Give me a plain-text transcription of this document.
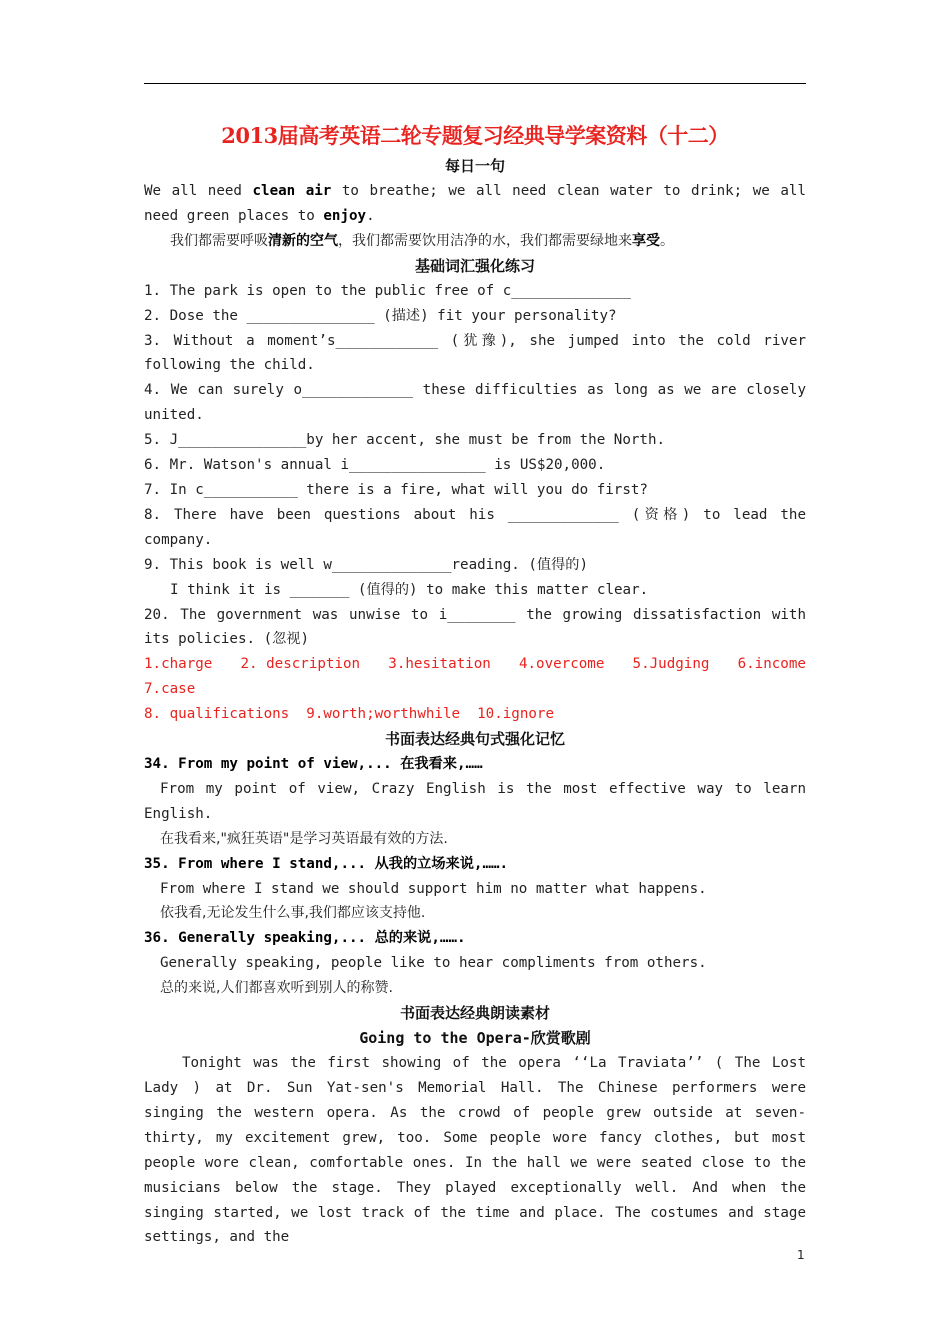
2013届高考英语二轮专题复习经典导学案资料（十二）
每日一句
We all need clean air to breathe; we all need clean water to drink; we all need green places to enjoy.
我们都需要呼吸清新的空气，我们都需要饮用洁净的水，我们都需要绿地来享受。
基础词汇强化练习
1. The park is open to the public free of c______________
2. Dose the _______________ (描述) fit your personality?
3. Without a moment’s____________ (犹豫), she jumped into the cold river following the child.
4. We can surely o_____________ these difficulties as long as we are closely united.
5. J_______________by her accent, she must be from the North.
6. Mr. Watson's annual i________________ is US$20,000.
7. In c___________ there is a fire, what will you do first?
8. There have been questions about his _____________ (资格) to lead the company.
9. This book is well w______________reading. (值得的)
I think it is _______ (值得的) to make this matter clear.
20. The government was unwise to i________ the growing dissatisfaction with its policies. (忽视)
1.charge 2. description 3.hesitation 4.overcome 5.Judging 6.income
7.case
8. qualifications  9.worth;worthwhile  10.ignore
书面表达经典句式强化记忆
34. From my point of view,... 在我看来,……
From my point of view, Crazy English is the most effective way to learn English.
在我看来,"疯狂英语"是学习英语最有效的方法.
35. From where I stand,... 从我的立场来说,…….
From where I stand we should support him no matter what happens.
依我看,无论发生什么事,我们都应该支持他.
36. Generally speaking,... 总的来说,…….
Generally speaking, people like to hear compliments from others.
总的来说,人们都喜欢听到别人的称赞.
书面表达经典朗读素材
Going to the Opera-欣赏歌剧
Tonight was the first showing of the opera ‘‘La Traviata’’ ( The Lost Lady ) at Dr. Sun Yat-sen's Memorial Hall. The Chinese performers were singing the western opera. As the crowd of people grew outside at seven-thirty, my excitement grew, too. Some people wore fancy clothes, but most people wore clean, comfortable ones. In the hall we were seated close to the musicians below the stage. They played exceptionally well. And when the singing started, we lost track of the time and place. The costumes and stage settings, and the
1
